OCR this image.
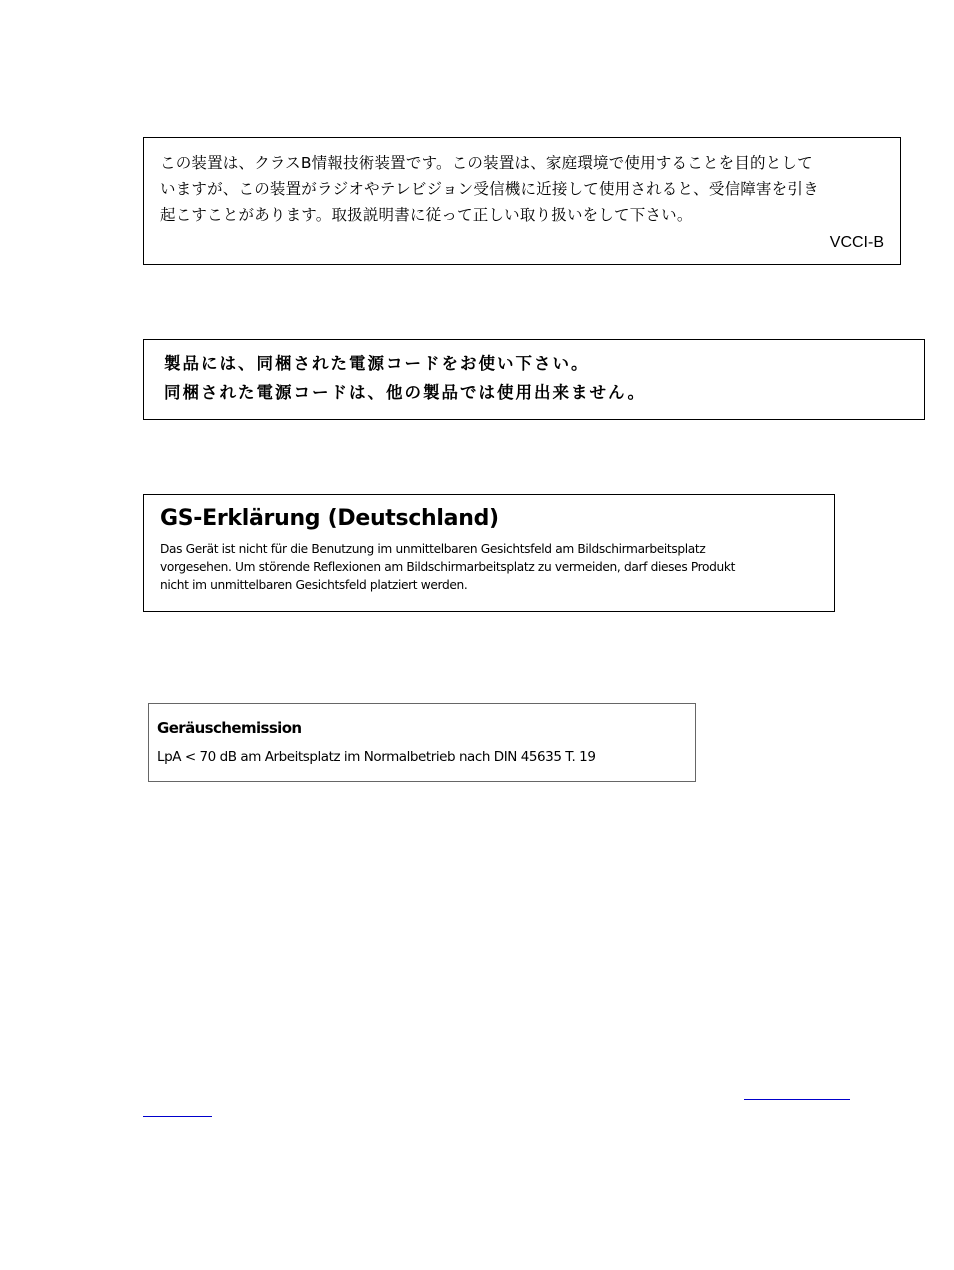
この装置は、クラスB情報技術装置です。この装置は、家庭環境で使用することを目的として
いますが、この装置がラジオやテレビジョン受信機に近接して使用されると、受信障害を引き
起こすことがあります。取扱説明書に従って正しい取り扱いをして下さい。
VCCI-B
製品には、同梱された電源コードをお使い下さい。
同梱された電源コードは、他の製品では使用出来ません。
GS-Erklärung (Deutschland)
Das Gerät ist nicht für die Benutzung im unmittelbaren Gesichtsfeld am Bildschirmarbeitsplatz
vorgesehen. Um störende Reflexionen am Bildschirmarbeitsplatz zu vermeiden, darf dieses Produkt
nicht im unmittelbaren Gesichtsfeld platziert werden.
Geräuschemission
LpA < 70 dB am Arbeitsplatz im Normalbetrieb nach DIN 45635 T. 19
